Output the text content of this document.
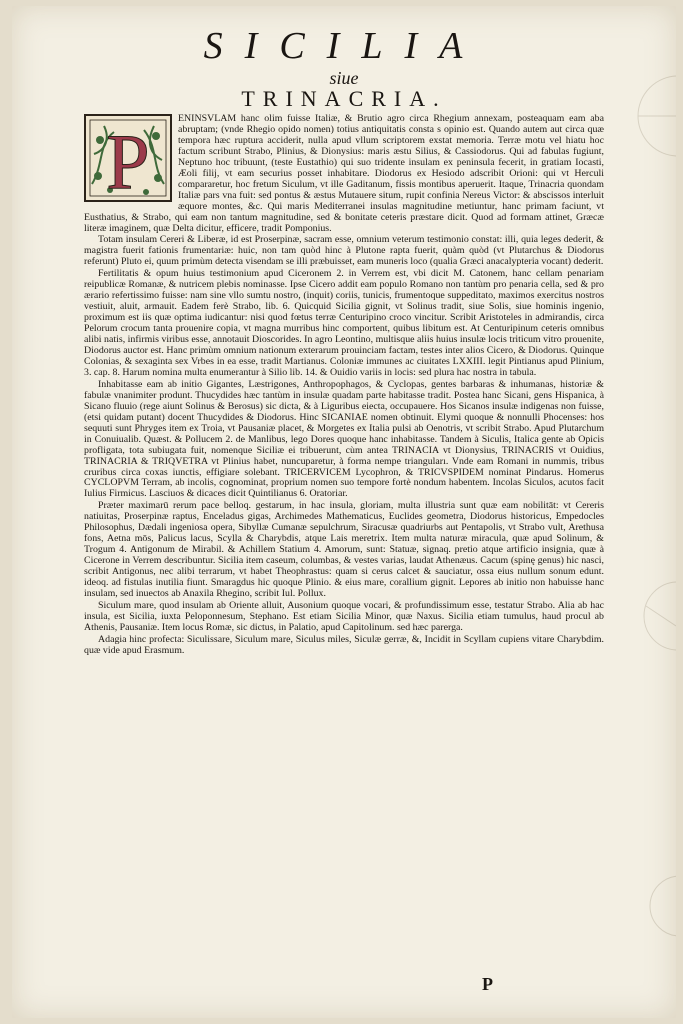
SICILIA
siue
TRINACRIA.
P	ENINSVLAM hanc olim fuisse Italiæ, & Brutio agro circa Rhegium annexam, posteaquam eam aba abruptam; (vnde Rhegio opido nomen) totius antiquitatis consta s opinio est. Quando autem aut circa quæ tempora hæc ruptura acciderit, nulla apud vllum scriptorem exstat memoria. Terræ motu vel hiatu hoc factum scribunt Strabo, Plinius, & Dionysius: maris æstu Silius, & Cassiodorus. Qui ad fabulas fugiunt, Neptuno hoc tribuunt, (teste Eustathio) qui suo tridente insulam ex peninsula fecerit, in gratiam Iocasti, Æoli filij, vt eam securius posset inhabitare. Diodorus ex Hesiodo adscribit Orioni: qui vt Herculi compararetur, hoc fretum Siculum, vt ille Gaditanum, fissis montibus aperuerit. Itaque, Trinacria quondam Italiæ pars vna fuit: sed pontus & æstus Mutauere situm, rupit confinia Nereus Victor: & abscissos interluit æquore montes, &c. Qui maris Mediterranei insulas magnitudine metiuntur, hanc primam faciunt, vt Eusthatius, & Strabo, qui eam non tantum magnitudine, sed & bonitate ceteris præstare dicit. Quod ad formam attinet, Græcæ literæ imaginem, quæ Delta dicitur, efficere, tradit Pomponius.

Totam insulam Cereri & Liberæ, id est Proserpinæ, sacram esse, omnium veterum testimonio constat: illi, quia leges dederit, & magistra fuerit fationis frumentariæ: huic, non tam quòd hinc à Plutone rapta fuerit, quàm quòd (vt Plutarchus & Diodorus referunt) Pluto ei, quum primùm detecta visendam se illi præbuisset, eam muneris loco (qualia Græci anacalypteria vocant) dederit.

Fertilitatis & opum huius testimonium apud Ciceronem 2. in Verrem est, vbi dicit M. Catonem, hanc cellam penariam reipublicæ Romanæ, & nutricem plebis nominasse. Ipse Cicero addit eam populo Romano non tantùm pro penaria cella, sed & pro ærario refertissimo fuisse: nam sine vllo sumtu nostro, (inquit) coriis, tunicis, frumentoque suppeditato, maximos exercitus nostros vestiuit, aluit, armauit. Eadem ferè Strabo, lib. 6. Quicquid Sicilia gignit, vt Solinus tradit, siue Solis, siue hominis ingenio, proximum est iis quæ optima iudicantur: nisi quod fœtus terræ Centuripino croco vincitur. Scribit Aristoteles in admirandis, circa Pelorum crocum tanta prouenire copia, vt magna murribus hinc comportent, quibus libitum est. At Centuripinum ceteris omnibus alibi natis, infirmis viribus esse, annotauit Dioscorides. In agro Leontino, multisque aliis huius insulæ locis triticum vitro prouenite, Diodorus auctor est. Hanc primùm omnium nationum exterarum prouinciam factam, testes inter alios Cicero, & Diodorus. Quinque Colonias, & sexaginta sex Vrbes in ea esse, tradit Martianus. Coloniæ immunes ac ciuitates LXXIII. legit Pintianus apud Plinium, 3. cap. 8. Harum nomina multa enumerantur à Silio lib. 14. & Ouidio variis in locis: sed plura hac nostra in tabula.

Inhabitasse eam ab initio Gigantes, Læstrigones, Anthropophagos, & Cyclopas, gentes barbaras & inhumanas, historiæ & fabulæ vnanimiter produnt. Thucydides hæc tantùm in insulæ quadam parte habitasse tradit. Postea hanc Sicani, gens Hispanica, à Sicano fluuio (rege aiunt Solinus & Berosus) sic dicta, & à Liguribus eiecta, occupauere. Hos Sicanos insulæ indigenas non fuisse, (etsi quidam putant) docent Thucydides & Diodorus. Hinc SICANIAE nomen obtinuit. Elymi quoque & nonnulli Phocenses: hos sequuti sunt Phryges item ex Troia, vt Pausaniæ placet, & Morgetes ex Italia pulsi ab Oenotris, vt scribit Strabo. Apud Plutarchum in Conuiualib. Quæst. & Pollucem 2. de Manlibus, lego Dores quoque hanc inhabitasse. Tandem à Siculis, Italica gente ab Opicis profligata, tota subiugata fuit, nomenque Siciliæ ei tribuerunt, cùm antea TRINACIA vt Dionysius, TRINACRIS vt Ouidius, TRINACRIA & TRIQVETRA vt Plinius habet, nuncuparetur, à forma nempe trianguları. Vnde eam Romani in nummis, tribus cruribus circa coxas iunctis, effigiare solebant. TRICERVICEM Lycophron, & TRICVSPIDEM nominat Pindarus. Homerus CYCLOPVM Terram, ab incolis, cognominat, proprium nomen suo tempore fortè nondum habentem. Incolas Siculos, acutos facit Iulius Firmicus. Lasciuos & dicaces dicit Quintilianus 6. Oratoriar.

Præter maximarū rerum pace belloq. gestarum, in hac insula, gloriam, multa illustria sunt quæ eam nobilitāt: vt Cereris natiuitas, Proserpinæ raptus, Enceladus gigas, Archimedes Mathematicus, Euclides geometra, Diodorus historicus, Empedocles Philosophus, Dædali ingeniosa opera, Sibyllæ Cumanæ sepulchrum, Siracusæ quadriurbs aut Pentapolis, vt Strabo vult, Arethusa fons, Aetna mōs, Palicus lacus, Scylla & Charybdis, atque Lais meretrix. Item multa naturæ miracula, quæ apud Solinum, & Trogum 4. Antigonum de Mirabil. & Achillem Statium 4. Amorum, sunt: Statuæ, signaq. pretio atque artificio insignia, quæ à Cicerone in Verrem describuntur. Sicilia item caseum, columbas, & vestes varias, laudat Athenæus. Cacum (spinę genus) hic nasci, scribit Antigonus, nec alibi terrarum, vt habet Theophrastus: quam si cerus calcet & sauciatur, ossa eius nullum sonum edunt. ideoq. ad fistulas inutilia fiunt. Smaragdus hic quoque Plinio. & eius mare, corallium gignit. Lepores ab initio non habuisse hanc insulam, sed inuectos ab Anaxila Rhegino, scribit Iul. Pollux.

Siculum mare, quod insulam ab Oriente alluit, Ausonium quoque vocari, & profundissimum esse, testatur Strabo. Alia ab hac insula, est Sicilia, iuxta Peloponnesum, Stephano. Est etiam Sicilia Minor, quæ Naxus. Sicilia etiam tumulus, haud procul ab Athenis, Pausaniæ. Item locus Romæ, sic dictus, in Palatio, apud Capitolinum. sed hæc parerga.

Adagia hinc profecta: Siculissare, Siculum mare, Siculus miles, Siculæ gerræ, &, Incidit in Scyllam cupiens vitare Charybdim. quæ vide apud Erasmum.

P
